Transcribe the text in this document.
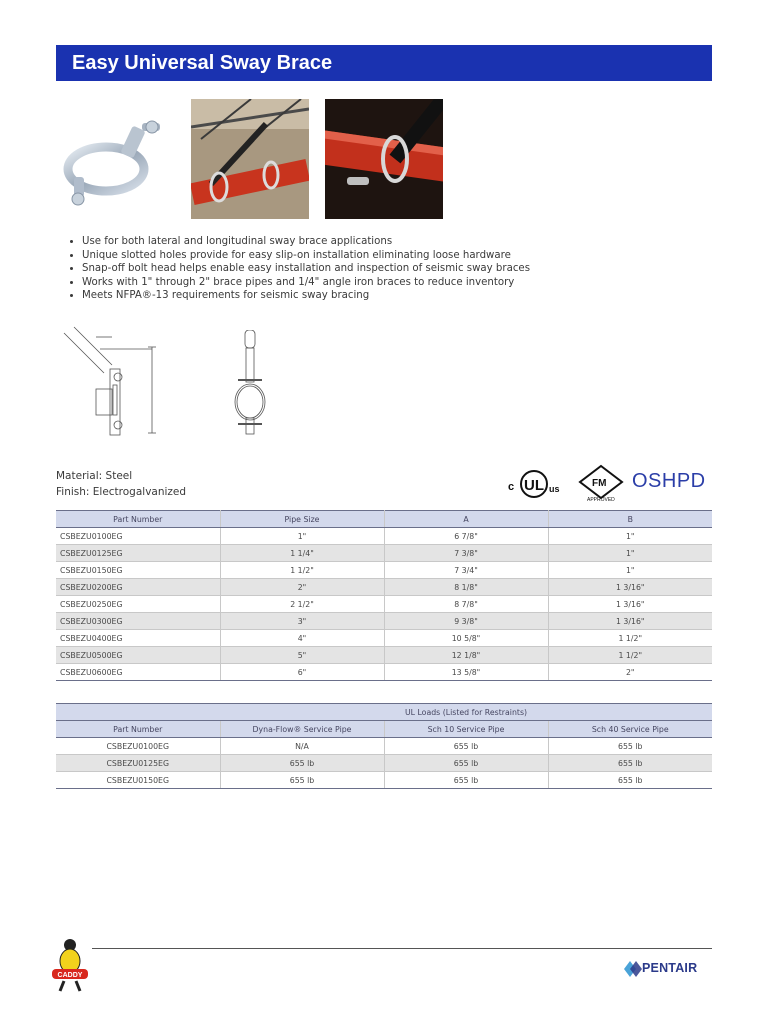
Easy Universal Sway Brace
• Use for both lateral and longitudinal sway brace applications
• Unique slotted holes provide for easy slip-on installation eliminating loose hardware
• Snap-off bolt head helps enable easy installation and inspection of seismic sway braces
• Works with 1" through 2" brace pipes and 1/4" angle iron braces to reduce inventory
• Meets NFPA®-13 requirements for seismic sway bracing
Material: Steel
Finish: Electrogalvanized	c UL us	FM
APPROVED
OSHPD
Part Number	Pipe Size	A	B
CSBEZU0100EG	1"	6 7/8"	1"
CSBEZU0125EG	1 1/4"	7 3/8"	1"
CSBEZU0150EG	1 1/2"	7 3/4"	1"
CSBEZU0200EG	2"	8 1/8"	1 3/16"
CSBEZU0250EG	2 1/2"	8 7/8"	1 3/16"
CSBEZU0300EG	3"	9 3/8"	1 3/16"
CSBEZU0400EG	4"	10 5/8"	1 1/2"
CSBEZU0500EG	5"	12 1/8"	1 1/2"
CSBEZU0600EG	6"	13 5/8"	2"
	UL Loads (Listed for Restraints)		
Part Number	Dyna-Flow® Service Pipe	Sch 10 Service Pipe	Sch 40 Service Pipe
CSBEZU0100EG	N/A	655 lb	655 lb
CSBEZU0125EG	655 lb	655 lb	655 lb
CSBEZU0150EG	655 lb	655 lb	655 lb
CADDY
PENTAIR
